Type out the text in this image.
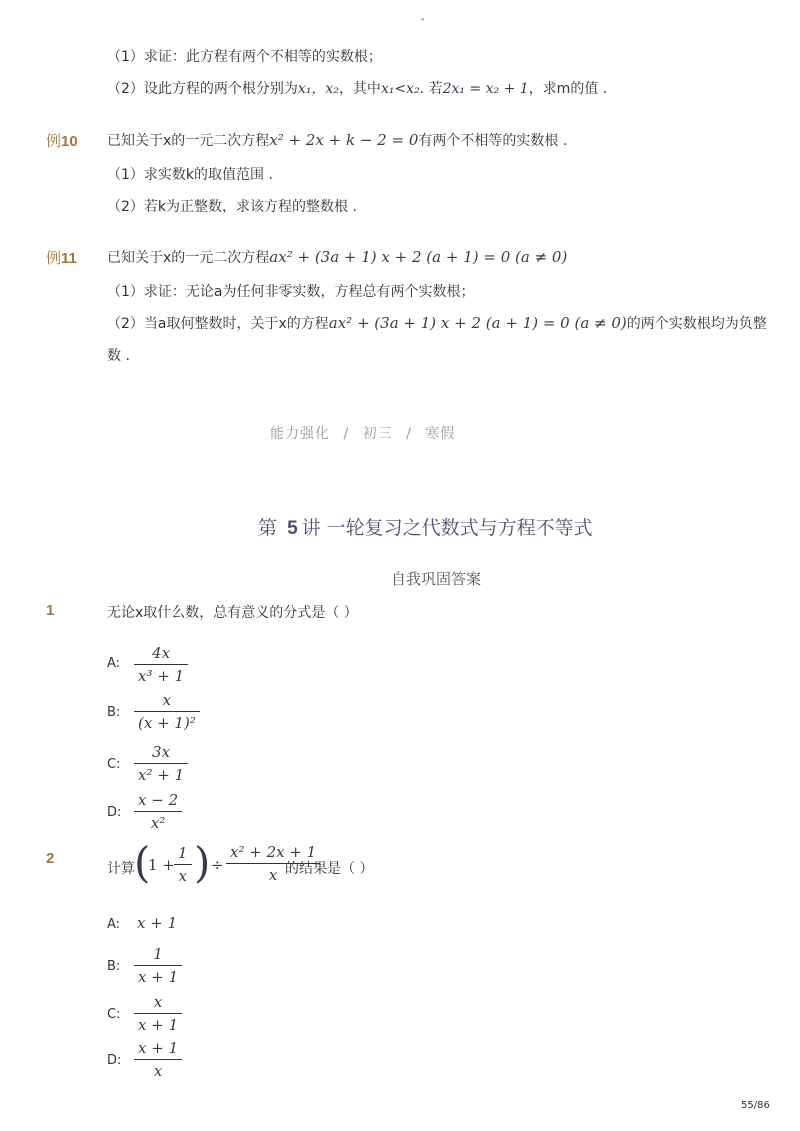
-
（1）求证：此方程有两个不相等的实数根；
（2）设此方程的两个根分别为x₁，x₂，其中x₁<x₂. 若2x₁ = x₂ + 1，求m的值 .
例10 已知关于x的一元二次方程x² + 2x + k − 2 = 0有两个不相等的实数根 .
（1）求实数k的取值范围 .
（2）若k为正整数，求该方程的整数根 .
例11 已知关于x的一元二次方程ax² + (3a + 1) x + 2 (a + 1) = 0 (a ≠ 0)
（1）求证：无论a为任何非零实数，方程总有两个实数根；
（2）当a取何整数时，关于x的方程ax² + (3a + 1) x + 2 (a + 1) = 0 (a ≠ 0)的两个实数根均为负整
数 .
能力强化 / 初三 / 寒假
第 5 讲 一轮复习之代数式与方程不等式
自我巩固答案
1	无论x取什么数，总有意义的分式是（ ）
A:
4x
x³ + 1
B:
x
(x + 1)²
C:
3x
x² + 1
D:
x − 2
x²
2
计算 (
1 +
1
x ) ÷
x² + 2x + 1
x 的结果是（ ）
A: x + 1
B:
1
x + 1
C:
x
x + 1
D:
x + 1
x
55/86
